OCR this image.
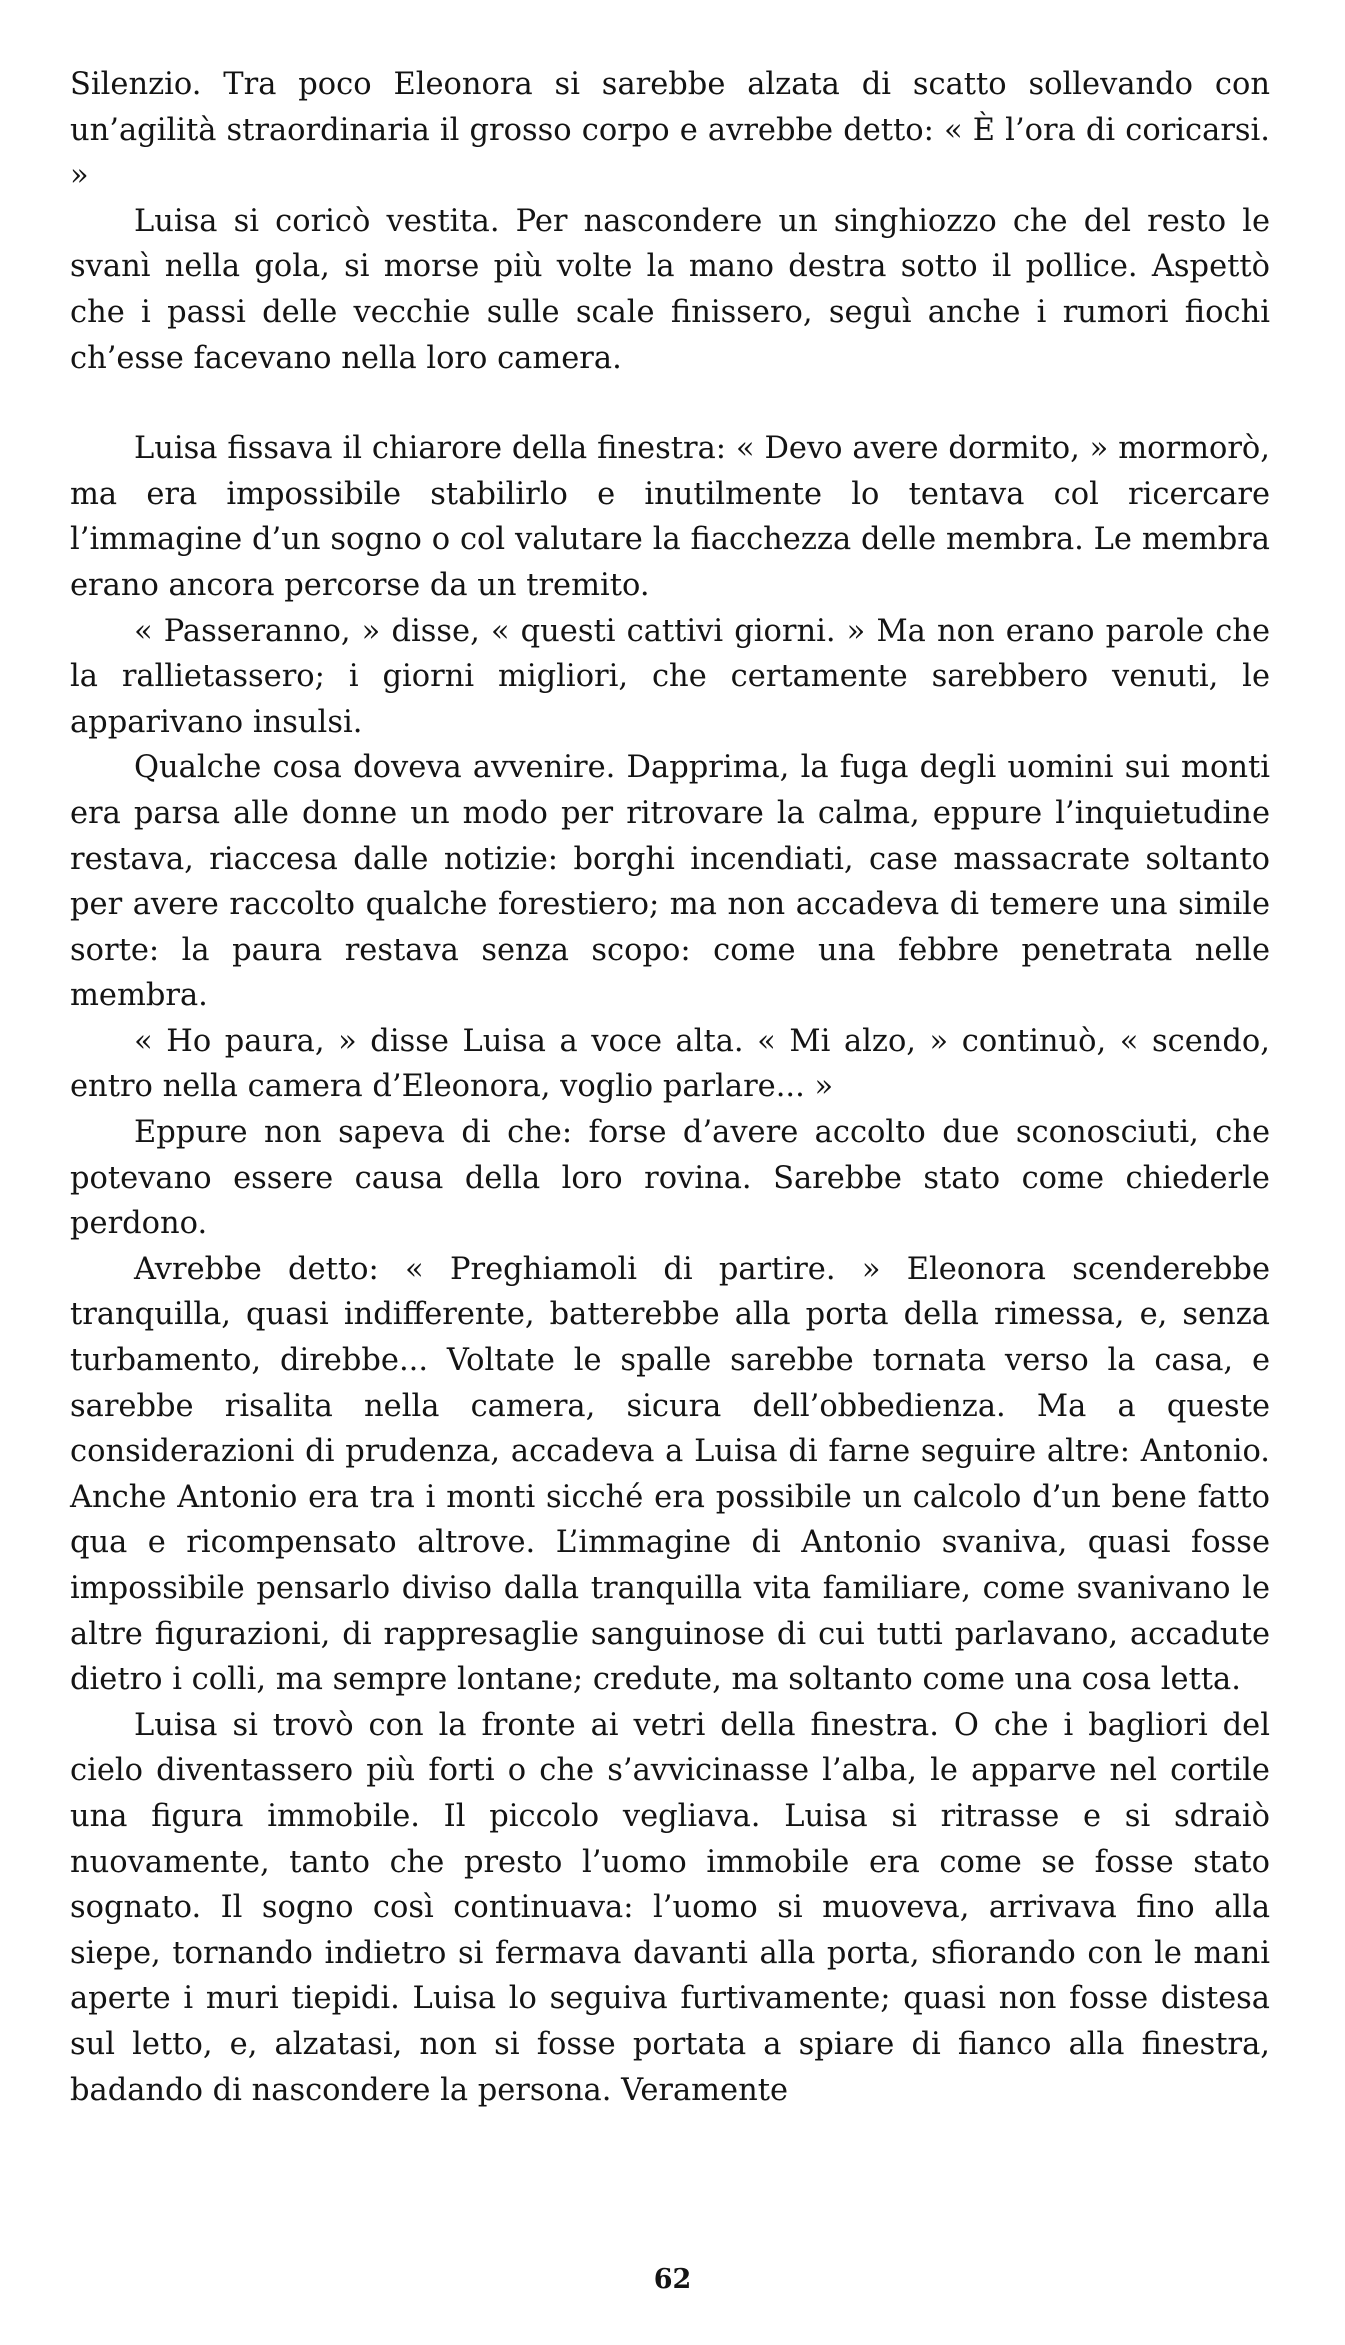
Silenzio. Tra poco Eleonora si sarebbe alzata di scatto sollevando con un’agilità straordinaria il grosso corpo e avrebbe detto: « È l’ora di coricarsi. »

Luisa si coricò vestita. Per nascondere un singhiozzo che del resto le svanì nella gola, si morse più volte la mano destra sotto il pollice. Aspettò che i passi delle vecchie sulle scale finissero, seguì anche i rumori fiochi ch’esse facevano nella loro camera.

Luisa fissava il chiarore della finestra: « Devo avere dormito, » mormorò, ma era impossibile stabilirlo e inutilmente lo tentava col ricercare l’immagine d’un sogno o col valutare la fiacchezza delle membra. Le membra erano ancora percorse da un tremito.

« Passeranno, » disse, « questi cattivi giorni. » Ma non erano parole che la rallietassero; i giorni migliori, che certamente sarebbero venuti, le apparivano insulsi.

Qualche cosa doveva avvenire. Dapprima, la fuga degli uomini sui monti era parsa alle donne un modo per ritrovare la calma, eppure l’inquietudine restava, riaccesa dalle notizie: borghi incendiati, case massacrate soltanto per avere raccolto qualche forestiero; ma non accadeva di temere una simile sorte: la paura restava senza scopo: come una febbre penetrata nelle membra.

« Ho paura, » disse Luisa a voce alta. « Mi alzo, » continuò, « scendo, entro nella camera d’Eleonora, voglio parlare... »

Eppure non sapeva di che: forse d’avere accolto due sconosciuti, che potevano essere causa della loro rovina. Sarebbe stato come chiederle perdono.

Avrebbe detto: « Preghiamoli di partire. » Eleonora scenderebbe tranquilla, quasi indifferente, batterebbe alla porta della rimessa, e, senza turbamento, direbbe... Voltate le spalle sarebbe tornata verso la casa, e sarebbe risalita nella camera, sicura dell’obbedienza. Ma a queste considerazioni di prudenza, accadeva a Luisa di farne seguire altre: Antonio. Anche Antonio era tra i monti sicché era possibile un calcolo d’un bene fatto qua e ricompensato altrove. L’immagine di Antonio svaniva, quasi fosse impossibile pensarlo diviso dalla tranquilla vita familiare, come svanivano le altre figurazioni, di rappresaglie sanguinose di cui tutti parlavano, accadute dietro i colli, ma sempre lontane; credute, ma soltanto come una cosa letta.

Luisa si trovò con la fronte ai vetri della finestra. O che i bagliori del cielo diventassero più forti o che s’avvicinasse l’alba, le apparve nel cortile una figura immobile. Il piccolo vegliava. Luisa si ritrasse e si sdraiò nuovamente, tanto che presto l’uomo immobile era come se fosse stato sognato. Il sogno così continuava: l’uomo si muoveva, arrivava fino alla siepe, tornando indietro si fermava davanti alla porta, sfiorando con le mani aperte i muri tiepidi. Luisa lo seguiva furtivamente; quasi non fosse distesa sul letto, e, alzatasi, non si fosse portata a spiare di fianco alla finestra, badando di nascondere la persona. Veramente

62
